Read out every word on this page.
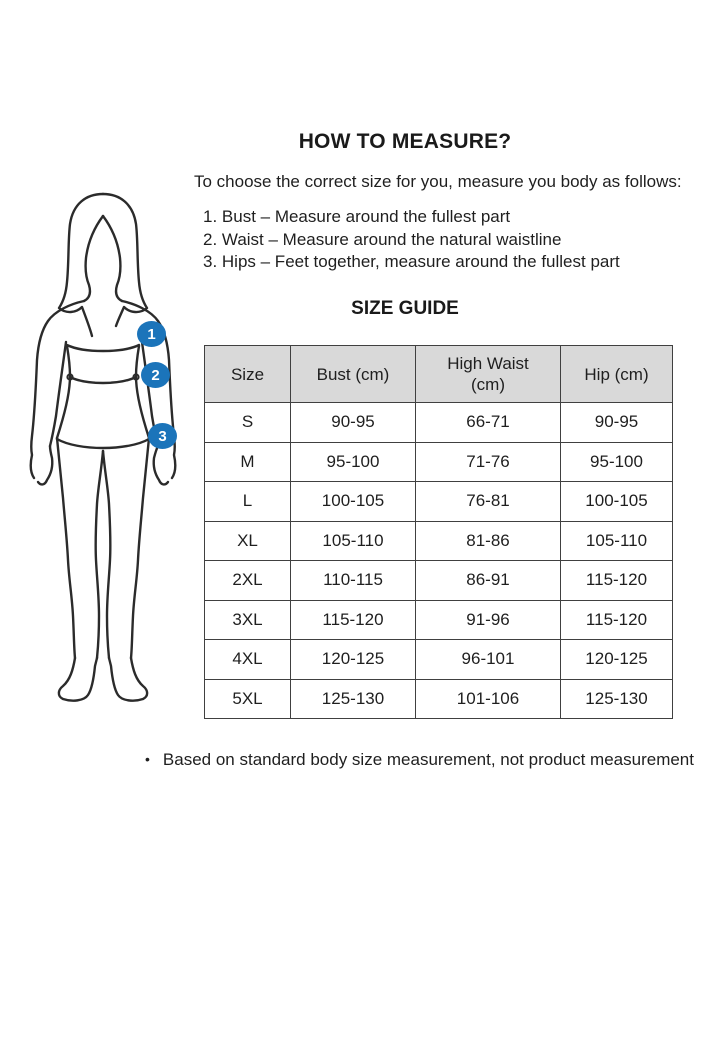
1
2
3
HOW TO MEASURE?
To choose the correct size for you, measure you body as follows:
1. Bust – Measure around the fullest part
2. Waist – Measure around the natural waistline
3. Hips – Feet together, measure around the fullest part
SIZE GUIDE
Size	Bust (cm)	High Waist (cm)	Hip (cm)
S	90-95	66-71	90-95
M	95-100	71-76	95-100
L	100-105	76-81	100-105
XL	105-110	81-86	105-110
2XL	110-115	86-91	115-120
3XL	115-120	91-96	115-120
4XL	120-125	96-101	120-125
5XL	125-130	101-106	125-130
• Based on standard body size measurement, not product measurement
